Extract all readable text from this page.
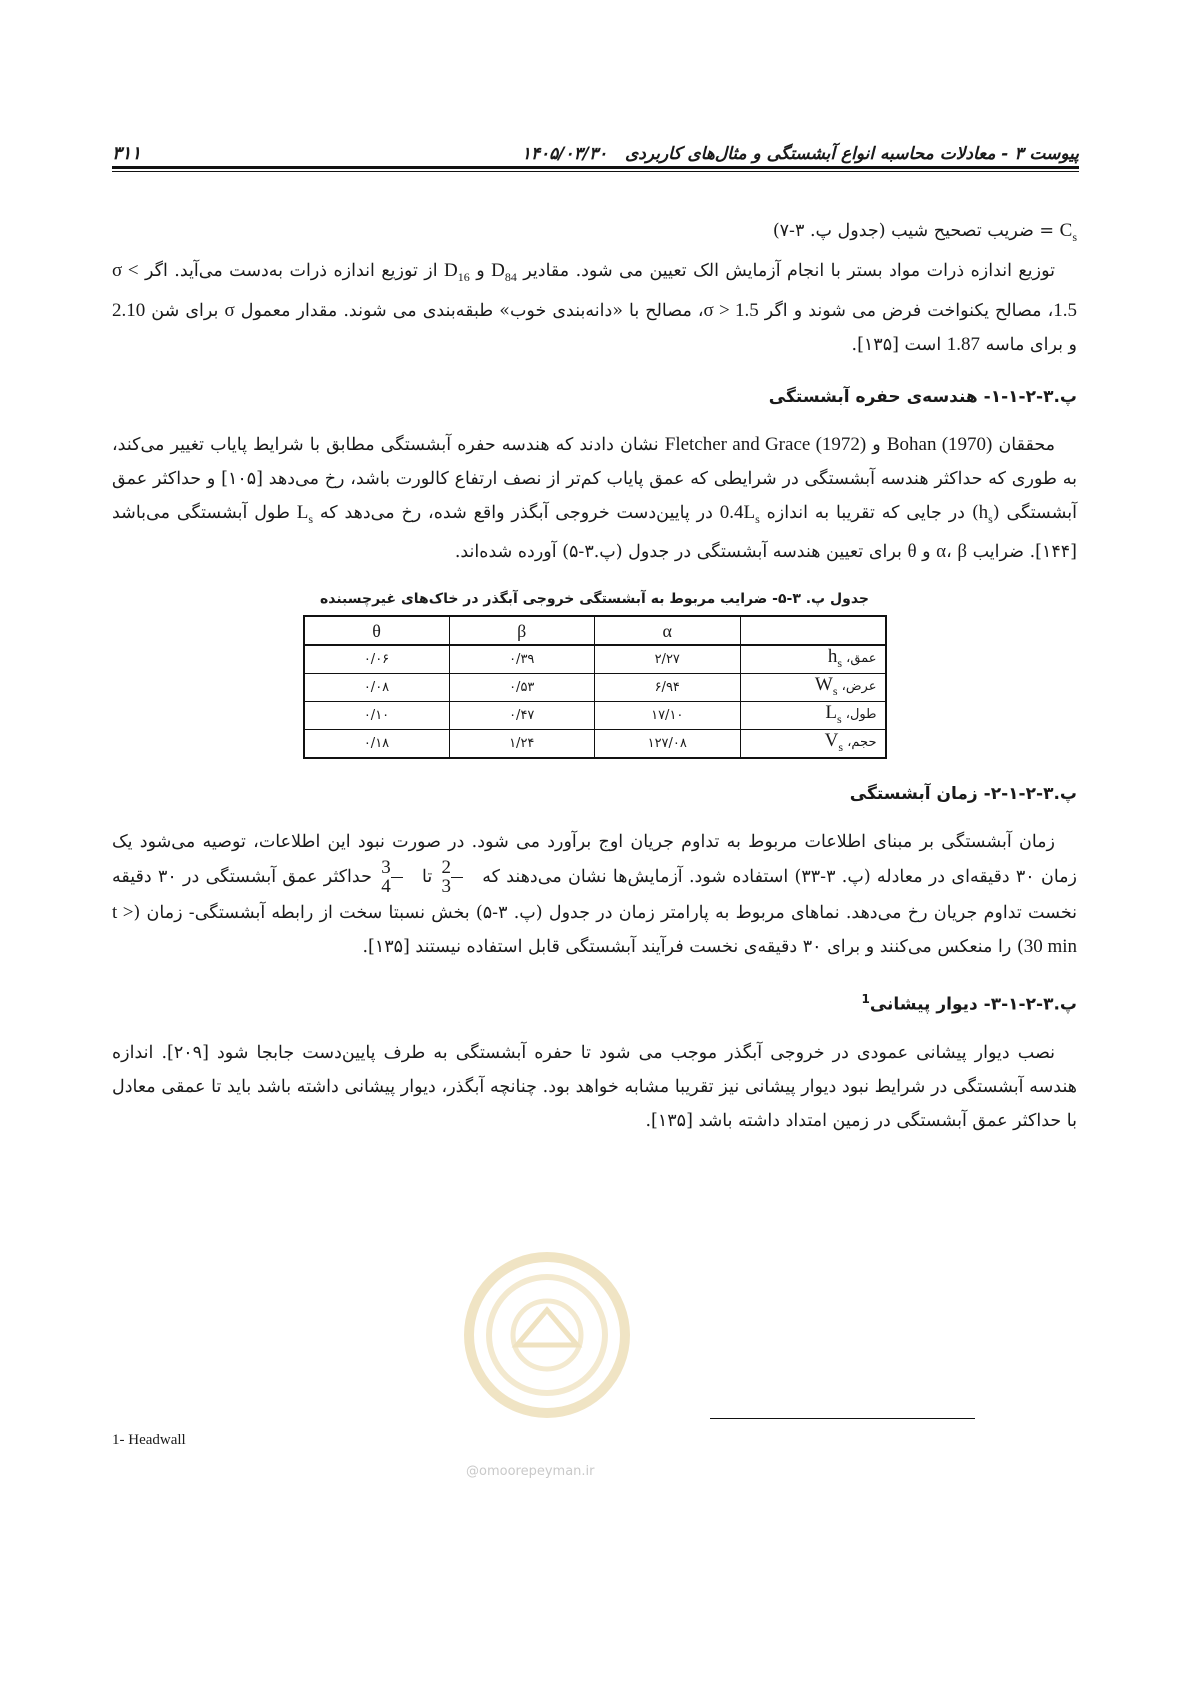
پیوست ۳ - معادلات محاسبه انواع آبشستگی و مثال‌های کاربردی   ۱۴۰۵/۰۳/۳۰
۳۱۱

$C_s$ = ضریب تصحیح شیب (جدول پ. ۳-۷)

توزیع اندازه ذرات مواد بستر با انجام آزمایش الک تعیین می شود. مقادیر $D_{84}$ و $D_{16}$ از توزیع اندازه ذرات به‌دست می‌آید. اگر σ < 1.5، مصالح یکنواخت فرض می شوند و اگر σ > 1.5، مصالح با «دانه‌بندی خوب» طبقه‌بندی می شوند. مقدار معمول σ برای شن 2.10 و برای ماسه 1.87 است [۱۳۵].

پ.۳-۲-۱-۱- هندسه‌ی حفره آبشستگی

محققان Bohan (1970) و Fletcher and Grace (1972) نشان دادند که هندسه حفره آبشستگی مطابق با شرایط پایاب تغییر می‌کند، به طوری که حداکثر هندسه آبشستگی در شرایطی که عمق پایاب کم‌تر از نصف ارتفاع کالورت باشد، رخ می‌دهد [۱۰۵] و حداکثر عمق آبشستگی $(h_s)$ در جایی که تقریبا به اندازه $0.4L_s$ در پایین‌دست خروجی آبگذر واقع شده، رخ می‌دهد که $L_s$ طول آبشستگی می‌باشد [۱۴۴]. ضرایب α، β و θ برای تعیین هندسه آبشستگی در جدول (پ.۳-۵) آورده شده‌اند.

جدول پ. ۳-۵- ضرایب مربوط به آبشستگی خروجی آبگذر در خاک‌های غیرچسبنده
	α	β	θ
عمق، $h_s$	۲/۲۷	۰/۳۹	۰/۰۶
عرض، $W_s$	۶/۹۴	۰/۵۳	۰/۰۸
طول، $L_s$	۱۷/۱۰	۰/۴۷	۰/۱۰
حجم، $V_s$	۱۲۷/۰۸	۱/۲۴	۰/۱۸
پ.۳-۲-۱-۲- زمان آبشستگی

زمان آبشستگی بر مبنای اطلاعات مربوط به تداوم جریان اوج برآورد می شود. در صورت نبود این اطلاعات، توصیه می‌شود یک زمان ۳۰ دقیقه‌ای در معادله (پ. ۳-۳۳) استفاده شود. آزمایش‌ها نشان می‌دهند که
$\frac{2}{3}$
تا
$\frac{3}{4}$
حداکثر عمق آبشستگی در ۳۰ دقیقه نخست تداوم جریان رخ می‌دهد. نماهای مربوط به پارامتر زمان در جدول (پ. ۳-۵) بخش نسبتا سخت از رابطه آبشستگی- زمان (t > 30 min) را منعکس می‌کنند و برای ۳۰ دقیقه‌ی نخست فرآیند آبشستگی قابل استفاده نیستند [۱۳۵].

پ.۳-۲-۱-۳- دیوار پیشانی$^1$

نصب دیوار پیشانی عمودی در خروجی آبگذر موجب می شود تا حفره آبشستگی به طرف پایین‌دست جابجا شود [۲۰۹]. اندازه هندسه آبشستگی در شرایط نبود دیوار پیشانی نیز تقریبا مشابه خواهد بود. چنانچه آبگذر، دیوار پیشانی داشته باشد باید تا عمقی معادل با حداکثر عمق آبشستگی در زمین امتداد داشته باشد [۱۳۵].

1- Headwall
@omoorepeyman.ir
